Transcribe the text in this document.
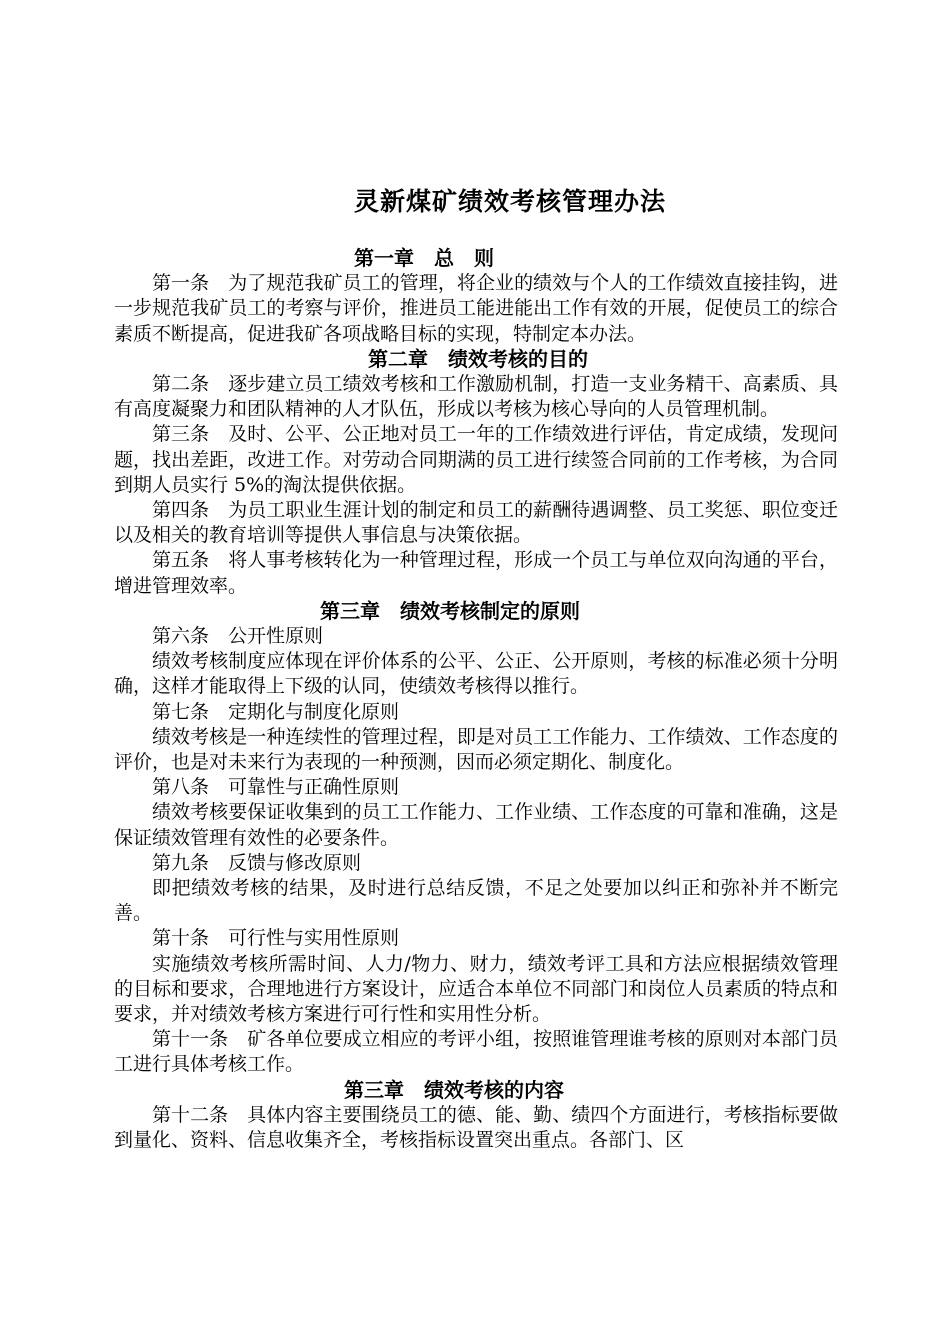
灵新煤矿绩效考核管理办法
第一章　总　则

第一条　为了规范我矿员工的管理，将企业的绩效与个人的工作绩效直接挂钩，进一步规范我矿员工的考察与评价，推进员工能进能出工作有效的开展，促使员工的综合素质不断提高，促进我矿各项战略目标的实现，特制定本办法。

第二章　绩效考核的目的

第二条　逐步建立员工绩效考核和工作激励机制，打造一支业务精干、高素质、具有高度凝聚力和团队精神的人才队伍，形成以考核为核心导向的人员管理机制。

第三条　及时、公平、公正地对员工一年的工作绩效进行评估，肯定成绩，发现问题，找出差距，改进工作。对劳动合同期满的员工进行续签合同前的工作考核，为合同到期人员实行 5%的淘汰提供依据。

第四条　为员工职业生涯计划的制定和员工的薪酬待遇调整、员工奖惩、职位变迁以及相关的教育培训等提供人事信息与决策依据。

第五条　将人事考核转化为一种管理过程，形成一个员工与单位双向沟通的平台，增进管理效率。

第三章　绩效考核制定的原则

第六条　公开性原则

绩效考核制度应体现在评价体系的公平、公正、公开原则，考核的标准必须十分明确，这样才能取得上下级的认同，使绩效考核得以推行。

第七条　定期化与制度化原则

绩效考核是一种连续性的管理过程，即是对员工工作能力、工作绩效、工作态度的评价，也是对未来行为表现的一种预测，因而必须定期化、制度化。

第八条　可靠性与正确性原则

绩效考核要保证收集到的员工工作能力、工作业绩、工作态度的可靠和准确，这是保证绩效管理有效性的必要条件。

第九条　反馈与修改原则

即把绩效考核的结果，及时进行总结反馈，不足之处要加以纠正和弥补并不断完善。

第十条　可行性与实用性原则

实施绩效考核所需时间、人力/物力、财力，绩效考评工具和方法应根据绩效管理的目标和要求，合理地进行方案设计，应适合本单位不同部门和岗位人员素质的特点和要求，并对绩效考核方案进行可行性和实用性分析。

第十一条　矿各单位要成立相应的考评小组，按照谁管理谁考核的原则对本部门员工进行具体考核工作。

第三章　绩效考核的内容

第十二条　具体内容主要围绕员工的德、能、勤、绩四个方面进行，考核指标要做到量化、资料、信息收集齐全，考核指标设置突出重点。各部门、区
